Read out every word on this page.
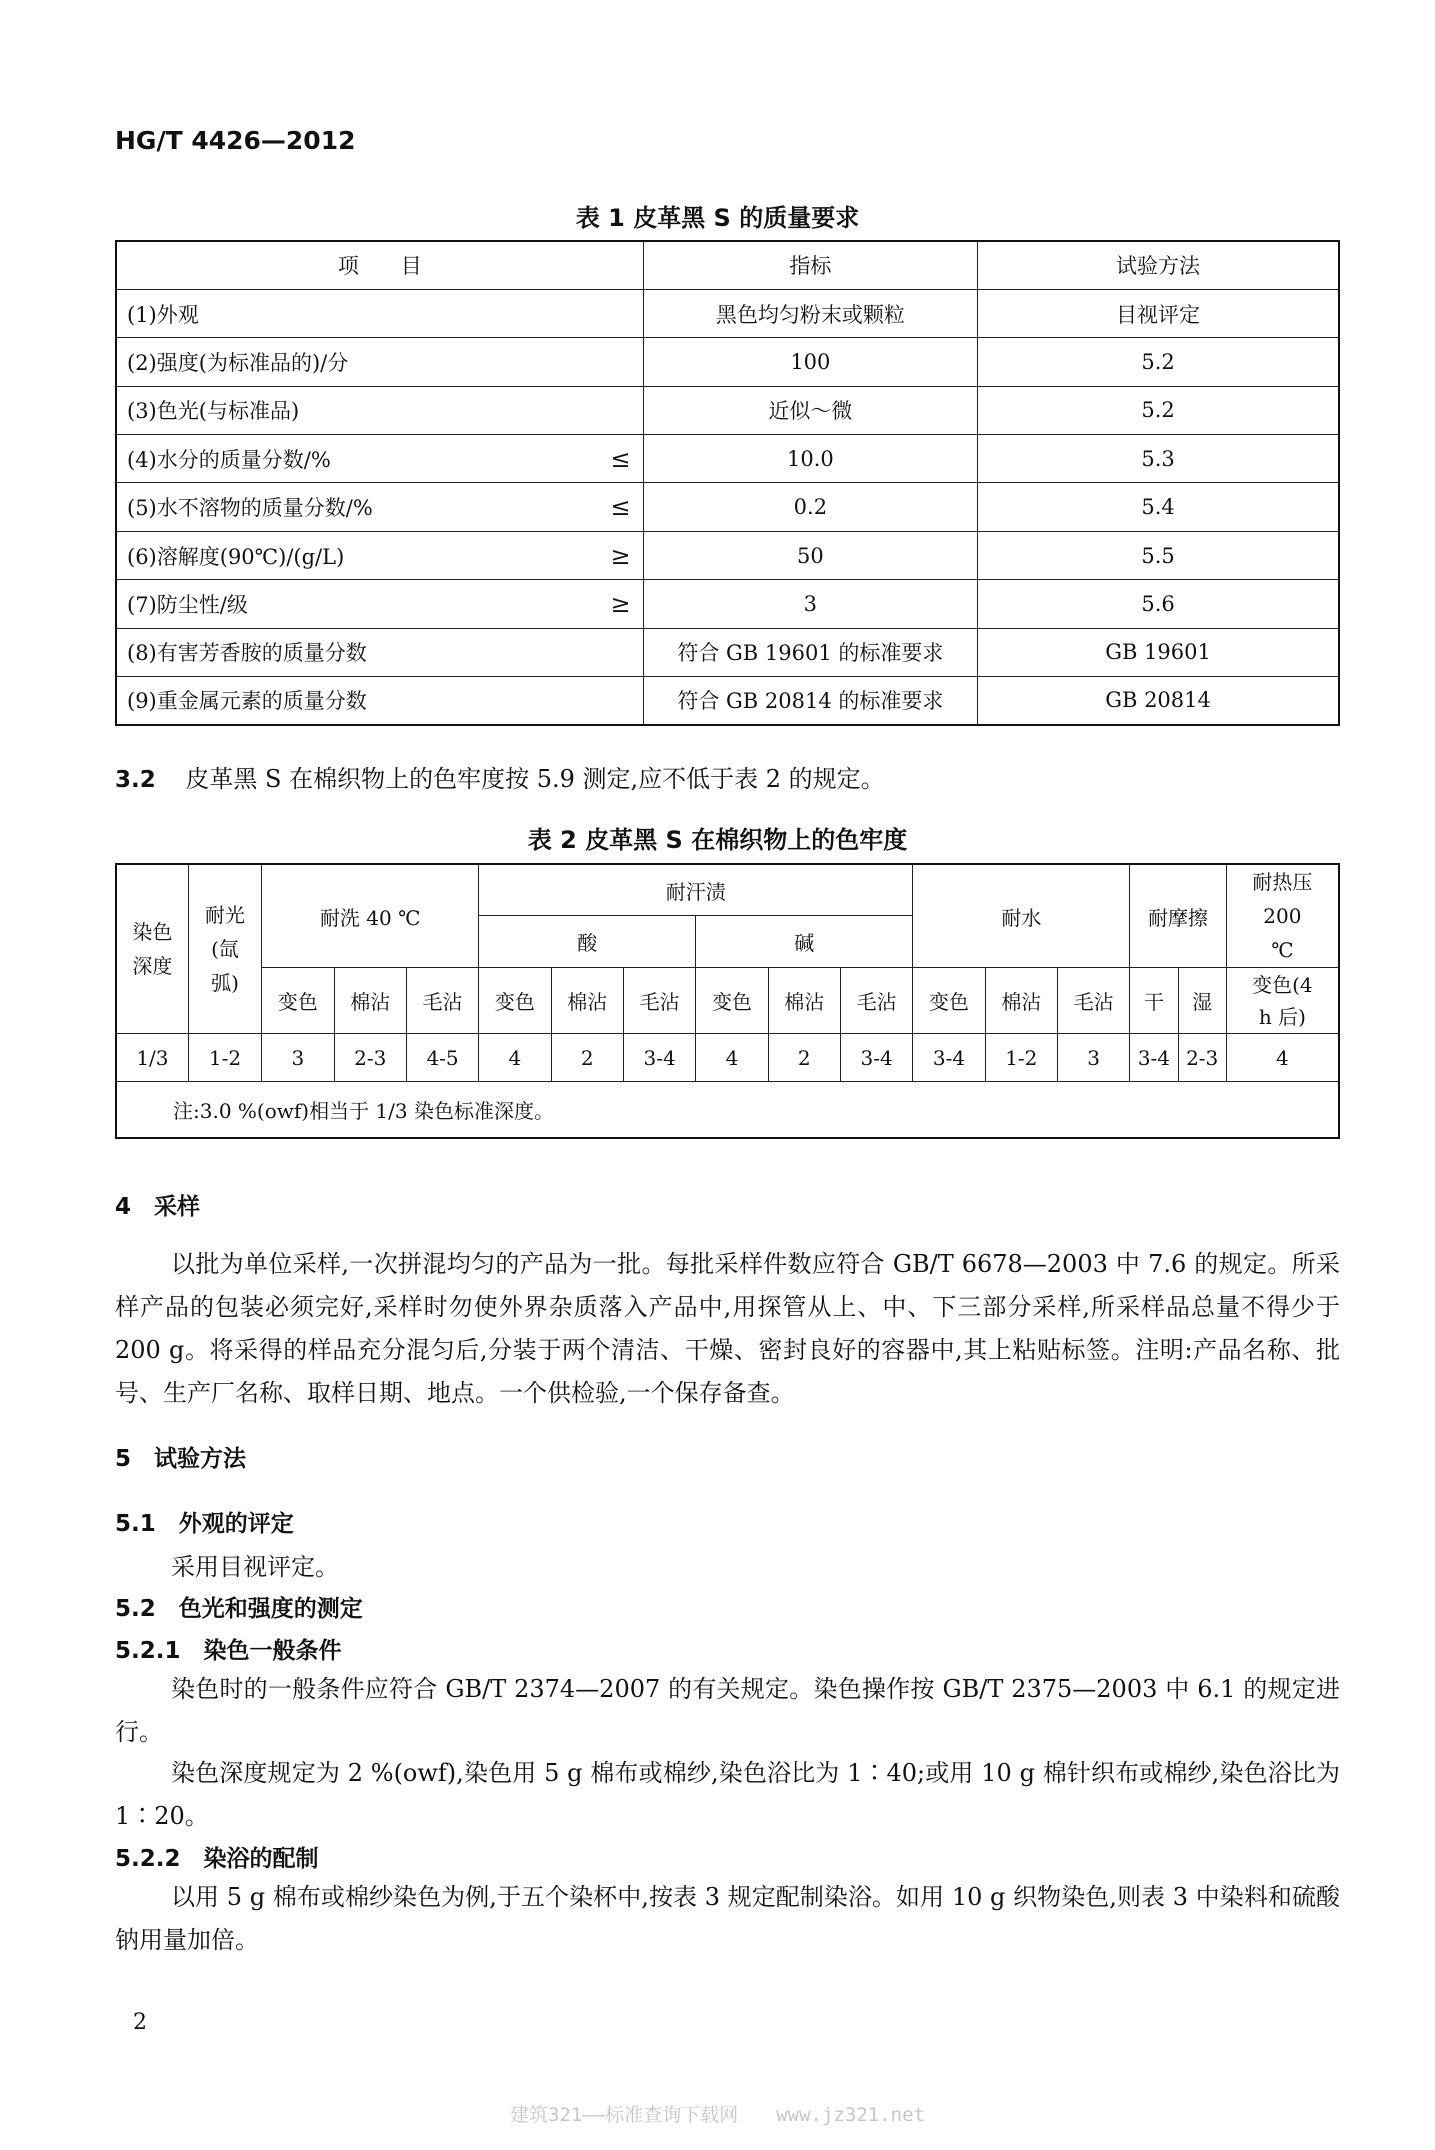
HG/T 4426—2012
表 1 皮革黑 S 的质量要求
项　　目	指标	试验方法
(1)外观	黑色均匀粉末或颗粒	目视评定
(2)强度(为标准品的)/分	100	5.2
(3)色光(与标准品)	近似～微	5.2
(4)水分的质量分数/% ≤	10.0	5.3
(5)水不溶物的质量分数/% ≤	0.2	5.4
(6)溶解度(90℃)/(g/L) ≥	50	5.5
(7)防尘性/级 ≥	3	5.6
(8)有害芳香胺的质量分数	符合 GB 19601 的标准要求	GB 19601
(9)重金属元素的质量分数	符合 GB 20814 的标准要求	GB 20814
3.2 皮革黑 S 在棉织物上的色牢度按 5.9 测定,应不低于表 2 的规定。
表 2 皮革黑 S 在棉织物上的色牢度
染色深度	耐光(氙弧)	耐洗 40 ℃			耐汗渍						耐水			耐摩擦		耐热压200 ℃

					酸			碱								
		变色	棉沾	毛沾	变色	棉沾	毛沾	变色	棉沾	毛沾	变色	棉沾	毛沾	干	湿	变色(4 h 后)

1/3	1-2	3	2-3	4-5	4	2	3-4	4	2	3-4	3-4	1-2	3	3-4	2-3	4
注:3.0 %(owf)相当于 1/3 染色标准深度。																
4　采样
以批为单位采样,一次拼混均匀的产品为一批。每批采样件数应符合 GB/T 6678—2003 中 7.6 的规定。所采样产品的包装必须完好,采样时勿使外界杂质落入产品中,用探管从上、中、下三部分采样,所采样品总量不得少于 200 g。将采得的样品充分混匀后,分装于两个清洁、干燥、密封良好的容器中,其上粘贴标签。注明:产品名称、批号、生产厂名称、取样日期、地点。一个供检验,一个保存备查。
5　试验方法
5.1　外观的评定
采用目视评定。
5.2　色光和强度的测定
5.2.1　染色一般条件
染色时的一般条件应符合 GB/T 2374—2007 的有关规定。染色操作按 GB/T 2375—2003 中 6.1 的规定进行。
染色深度规定为 2 %(owf),染色用 5 g 棉布或棉纱,染色浴比为 1∶40;或用 10 g 棉针织布或棉纱,染色浴比为 1∶20。
5.2.2　染浴的配制
以用 5 g 棉布或棉纱染色为例,于五个染杯中,按表 3 规定配制染浴。如用 10 g 织物染色,则表 3 中染料和硫酸钠用量加倍。
2
建筑321——标准查询下载网　　www.jz321.net
